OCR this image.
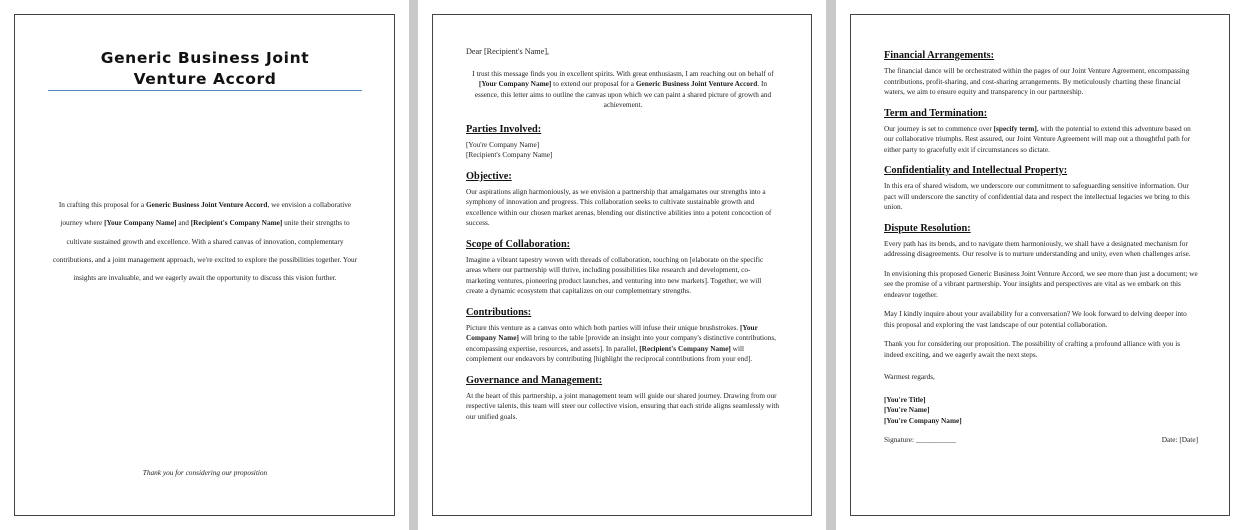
Generic Business Joint
Venture Accord
In crafting this proposal for a Generic Business Joint Venture Accord, we envision a collaborative journey where [Your Company Name] and [Recipient's Company Name] unite their strengths to cultivate sustained growth and excellence. With a shared canvas of innovation, complementary contributions, and a joint management approach, we're excited to explore the possibilities together. Your insights are invaluable, and we eagerly await the opportunity to discuss this vision further.
Thank you for considering our proposition

Dear [Recipient's Name],

I trust this message finds you in excellent spirits. With great enthusiasm, I am reaching out on behalf of [Your Company Name] to extend our proposal for a Generic Business Joint Venture Accord. In essence, this letter aims to outline the canvas upon which we can paint a shared picture of growth and achievement.

Parties Involved:

[You're Company Name]
[Recipient's Company Name]

Objective:

Our aspirations align harmoniously, as we envision a partnership that amalgamates our strengths into a symphony of innovation and progress. This collaboration seeks to cultivate sustainable growth and excellence within our chosen market arenas, blending our distinctive abilities into a potent concoction of success.

Scope of Collaboration:

Imagine a vibrant tapestry woven with threads of collaboration, touching on [elaborate on the specific areas where our partnership will thrive, including possibilities like research and development, co-marketing ventures, pioneering product launches, and venturing into new markets]. Together, we will create a dynamic ecosystem that capitalizes on our complementary strengths.

Contributions:

Picture this venture as a canvas onto which both parties will infuse their unique brushstrokes. [Your Company Name] will bring to the table [provide an insight into your company's distinctive contributions, encompassing expertise, resources, and assets]. In parallel, [Recipient's Company Name] will complement our endeavors by contributing [highlight the reciprocal contributions from your end].

Governance and Management:

At the heart of this partnership, a joint management team will guide our shared journey. Drawing from our respective talents, this team will steer our collective vision, ensuring that each stride aligns seamlessly with our unified goals.

Financial Arrangements:

The financial dance will be orchestrated within the pages of our Joint Venture Agreement, encompassing contributions, profit-sharing, and cost-sharing arrangements. By meticulously charting these financial waters, we aim to ensure equity and transparency in our partnership.

Term and Termination:

Our journey is set to commence over [specify term], with the potential to extend this adventure based on our collaborative triumphs. Rest assured, our Joint Venture Agreement will map out a thoughtful path for either party to gracefully exit if circumstances so dictate.

Confidentiality and Intellectual Property:

In this era of shared wisdom, we underscore our commitment to safeguarding sensitive information. Our pact will underscore the sanctity of confidential data and respect the intellectual legacies we bring to this union.

Dispute Resolution:

Every path has its bends, and to navigate them harmoniously, we shall have a designated mechanism for addressing disagreements. Our resolve is to nurture understanding and unity, even when challenges arise.

In envisioning this proposed Generic Business Joint Venture Accord, we see more than just a document; we see the promise of a vibrant partnership. Your insights and perspectives are vital as we embark on this endeavor together.

May I kindly inquire about your availability for a conversation? We look forward to delving deeper into this proposal and exploring the vast landscape of our potential collaboration.

Thank you for considering our proposition. The possibility of crafting a profound alliance with you is indeed exciting, and we eagerly await the next steps.

Warmest regards,

[You're Title]
[You're Name]
[You're Company Name]

Signature: ___________	Date: [Date]
